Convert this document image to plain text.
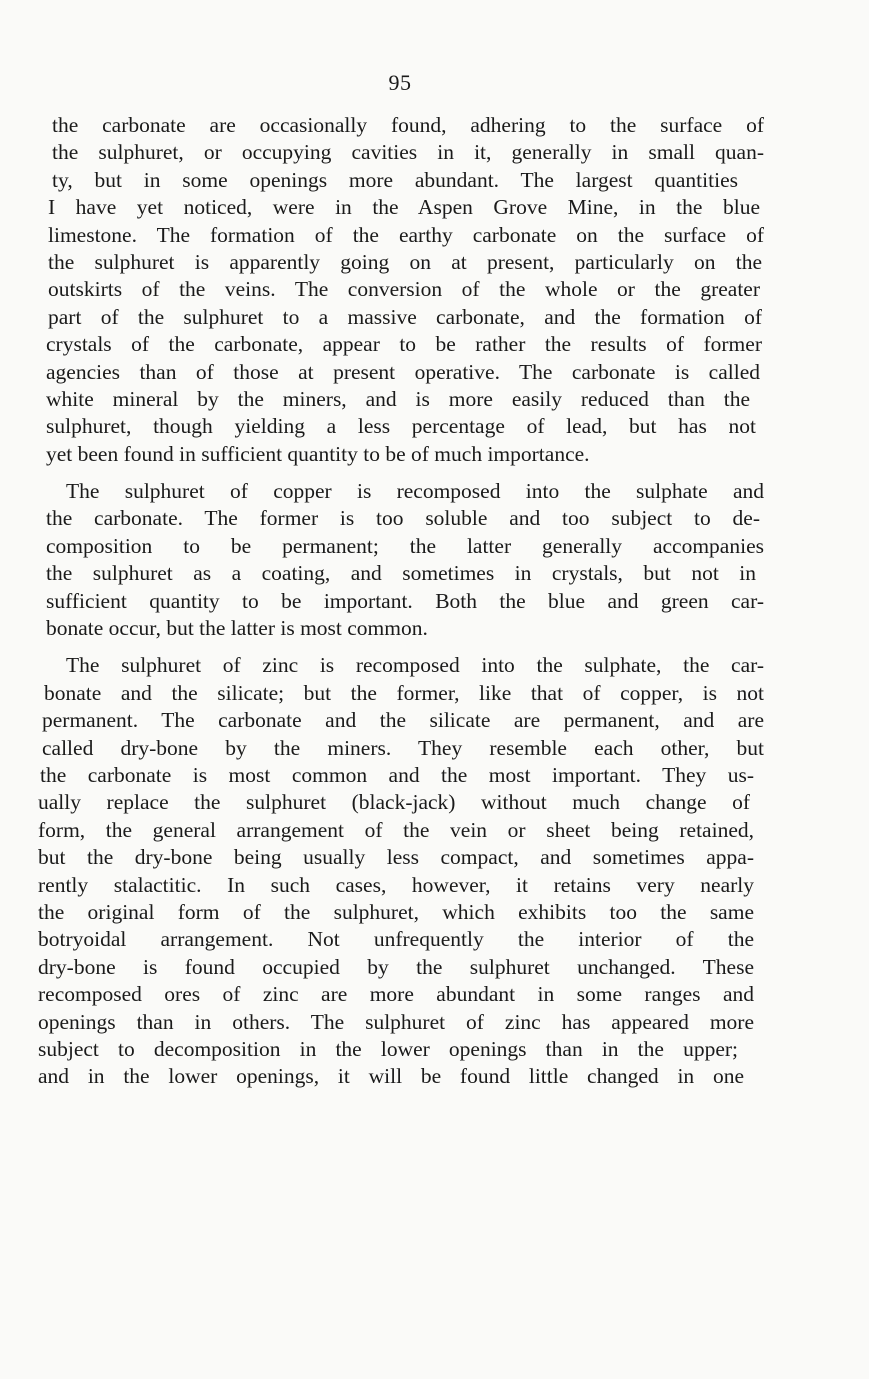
95
the carbonate are occasionally found, adhering to the surface of
the sulphuret, or occupying cavities in it, generally in small quan-
ty, but in some openings more abundant. The largest quantities
I have yet noticed, were in the Aspen Grove Mine, in the blue
limestone. The formation of the earthy carbonate on the surface of
the sulphuret is apparently going on at present, particularly on the
outskirts of the veins. The conversion of the whole or the greater
part of the sulphuret to a massive carbonate, and the formation of
crystals of the carbonate, appear to be rather the results of former
agencies than of those at present operative. The carbonate is called
white mineral by the miners, and is more easily reduced than the
sulphuret, though yielding a less percentage of lead, but has not
yet been found in sufficient quantity to be of much importance.
The sulphuret of copper is recomposed into the sulphate and
the carbonate. The former is too soluble and too subject to de-
composition to be permanent; the latter generally accompanies
the sulphuret as a coating, and sometimes in crystals, but not in
sufficient quantity to be important. Both the blue and green car-
bonate occur, but the latter is most common.
The sulphuret of zinc is recomposed into the sulphate, the car-
bonate and the silicate; but the former, like that of copper, is not
permanent. The carbonate and the silicate are permanent, and are
called dry-bone by the miners. They resemble each other, but
the carbonate is most common and the most important. They us-
ually replace the sulphuret (black-jack) without much change of
form, the general arrangement of the vein or sheet being retained,
but the dry-bone being usually less compact, and sometimes appa-
rently stalactitic. In such cases, however, it retains very nearly
the original form of the sulphuret, which exhibits too the same
botryoidal arrangement. Not unfrequently the interior of the
dry-bone is found occupied by the sulphuret unchanged. These
recomposed ores of zinc are more abundant in some ranges and
openings than in others. The sulphuret of zinc has appeared more
subject to decomposition in the lower openings than in the upper;
and in the lower openings, it will be found little changed in one
